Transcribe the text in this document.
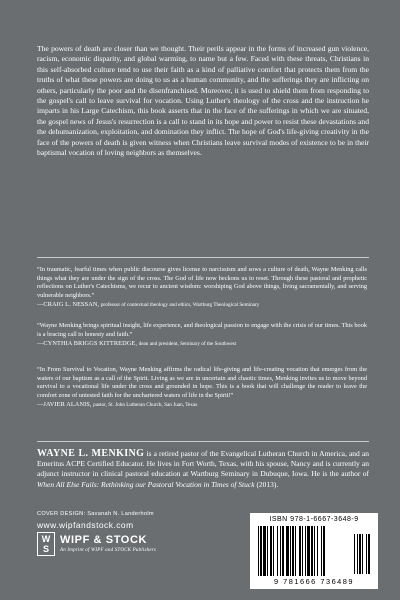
The powers of death are closer than we thought. Their perils appear in the forms of increased gun violence, racism, economic disparity, and global warming, to name but a few. Faced with these threats, Christians in this self-absorbed culture tend to use their faith as a kind of palliative comfort that protects them from the truths of what these powers are doing to us as a human community, and the sufferings they are inflicting on others, particularly the poor and the disenfranchised. Moreover, it is used to shield them from responding to the gospel's call to leave survival for vocation. Using Luther's theology of the cross and the instruction he imparts in his Large Catechism, this book asserts that in the face of the sufferings in which we are situated, the gospel news of Jesus's resurrection is a call to stand in its hope and power to resist these devastations and the dehumanization, exploitation, and domination they inflict. The hope of God's life-giving creativity in the face of the powers of death is given witness when Christians leave survival modes of existence to be in their baptismal vocation of loving neighbors as themselves.

“In traumatic, fearful times when public discourse gives license to narcissism and sows a culture of death, Wayne Menking calls things what they are under the sign of the cross. The God of life now beckons us to reset. Through these pastoral and prophetic reflections on Luther's Catechisms, we recur to ancient wisdom: worshiping God above things, living sacramentally, and serving vulnerable neighbors.”
—CRAIG L. NESSAN, professor of contextual theology and ethics, Wartburg Theological Seminary

“Wayne Menking brings spiritual insight, life experience, and theological passion to engage with the crisis of our times. This book is a bracing call to honesty and faith.”
—CYNTHIA BRIGGS KITTREDGE, dean and president, Seminary of the Southwest

“In From Survival to Vocation, Wayne Menking affirms the radical life-giving and life-creating vocation that emerges from the waters of our baptism as a call of the Spirit. Living as we are in uncertain and chaotic times, Menking invites us to move beyond survival to a vocational life under the cross and grounded in hope. This is a book that will challenge the reader to leave the comfort zone of untested faith for the unchartered waters of life in the Spirit!”
—JAVIER ALANIS, pastor, St. John Lutheran Church, San Juan, Texas

WAYNE L. MENKING is a retired pastor of the Evangelical Lutheran Church in America, and an Emeritus ACPE Certified Educator. He lives in Fort Worth, Texas, with his spouse, Nancy and is currently an adjunct instructor in clinical pastoral education at Wartburg Seminary in Dubuque, Iowa. He is the author of When All Else Fails: Rethinking our Pastoral Vocation in Times of Stuck (2013).

COVER DESIGN: Savanah N. Landerholm
www.wipfandstock.com
W
S
WIPF & STOCK
An Imprint of WIPF and STOCK Publishers
ISBN 978-1-6667-3648-9
9 781666 736489
